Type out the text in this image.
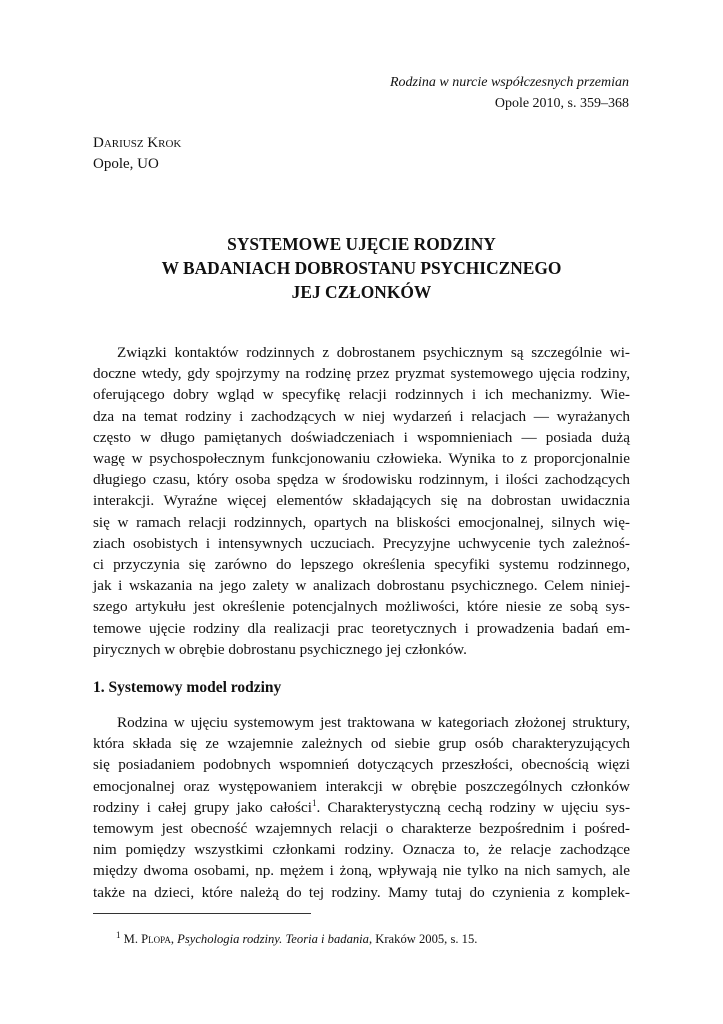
Rodzina w nurcie współczesnych przemian
Opole 2010, s. 359–368
Dariusz Krok
Opole, UO
SYSTEMOWE UJĘCIE RODZINY
W BADANIACH DOBROSTANU PSYCHICZNEGO
JEJ CZŁONKÓW

Związki kontaktów rodzinnych z dobrostanem psychicznym są szczególnie wi-
doczne wtedy, gdy spojrzymy na rodzinę przez pryzmat systemowego ujęcia rodziny,
oferującego dobry wgląd w specyfikę relacji rodzinnych i ich mechanizmy. Wie-
dza na temat rodziny i zachodzących w niej wydarzeń i relacjach — wyrażanych
często w długo pamiętanych doświadczeniach i wspomnieniach — posiada dużą
wagę w psychospołecznym funkcjonowaniu człowieka. Wynika to z proporcjonalnie
długiego czasu, który osoba spędza w środowisku rodzinnym, i ilości zachodzących
interakcji. Wyraźne więcej elementów składających się na dobrostan uwidacznia
się w ramach relacji rodzinnych, opartych na bliskości emocjonalnej, silnych wię-
ziach osobistych i intensywnych uczuciach. Precyzyjne uchwycenie tych zależnoś-
ci przyczynia się zarówno do lepszego określenia specyfiki systemu rodzinnego,
jak i wskazania na jego zalety w analizach dobrostanu psychicznego. Celem niniej-
szego artykułu jest określenie potencjalnych możliwości, które niesie ze sobą sys-
temowe ujęcie rodziny dla realizacji prac teoretycznych i prowadzenia badań em-
pirycznych w obrębie dobrostanu psychicznego jej członków.

1. Systemowy model rodziny

Rodzina w ujęciu systemowym jest traktowana w kategoriach złożonej struktury,
która składa się ze wzajemnie zależnych od siebie grup osób charakteryzujących
się posiadaniem podobnych wspomnień dotyczących przeszłości, obecnością więzi
emocjonalnej oraz występowaniem interakcji w obrębie poszczególnych członków
rodziny i całej grupy jako całości$^1$. Charakterystyczną cechą rodziny w ujęciu sys-
temowym jest obecność wzajemnych relacji o charakterze bezpośrednim i pośred-
nim pomiędzy wszystkimi członkami rodziny. Oznacza to, że relacje zachodzące
między dwoma osobami, np. mężem i żoną, wpływają nie tylko na nich samych, ale
także na dzieci, które należą do tej rodziny. Mamy tutaj do czynienia z komplek-

$^1$ M. Plopa, Psychologia rodziny. Teoria i badania, Kraków 2005, s. 15.
